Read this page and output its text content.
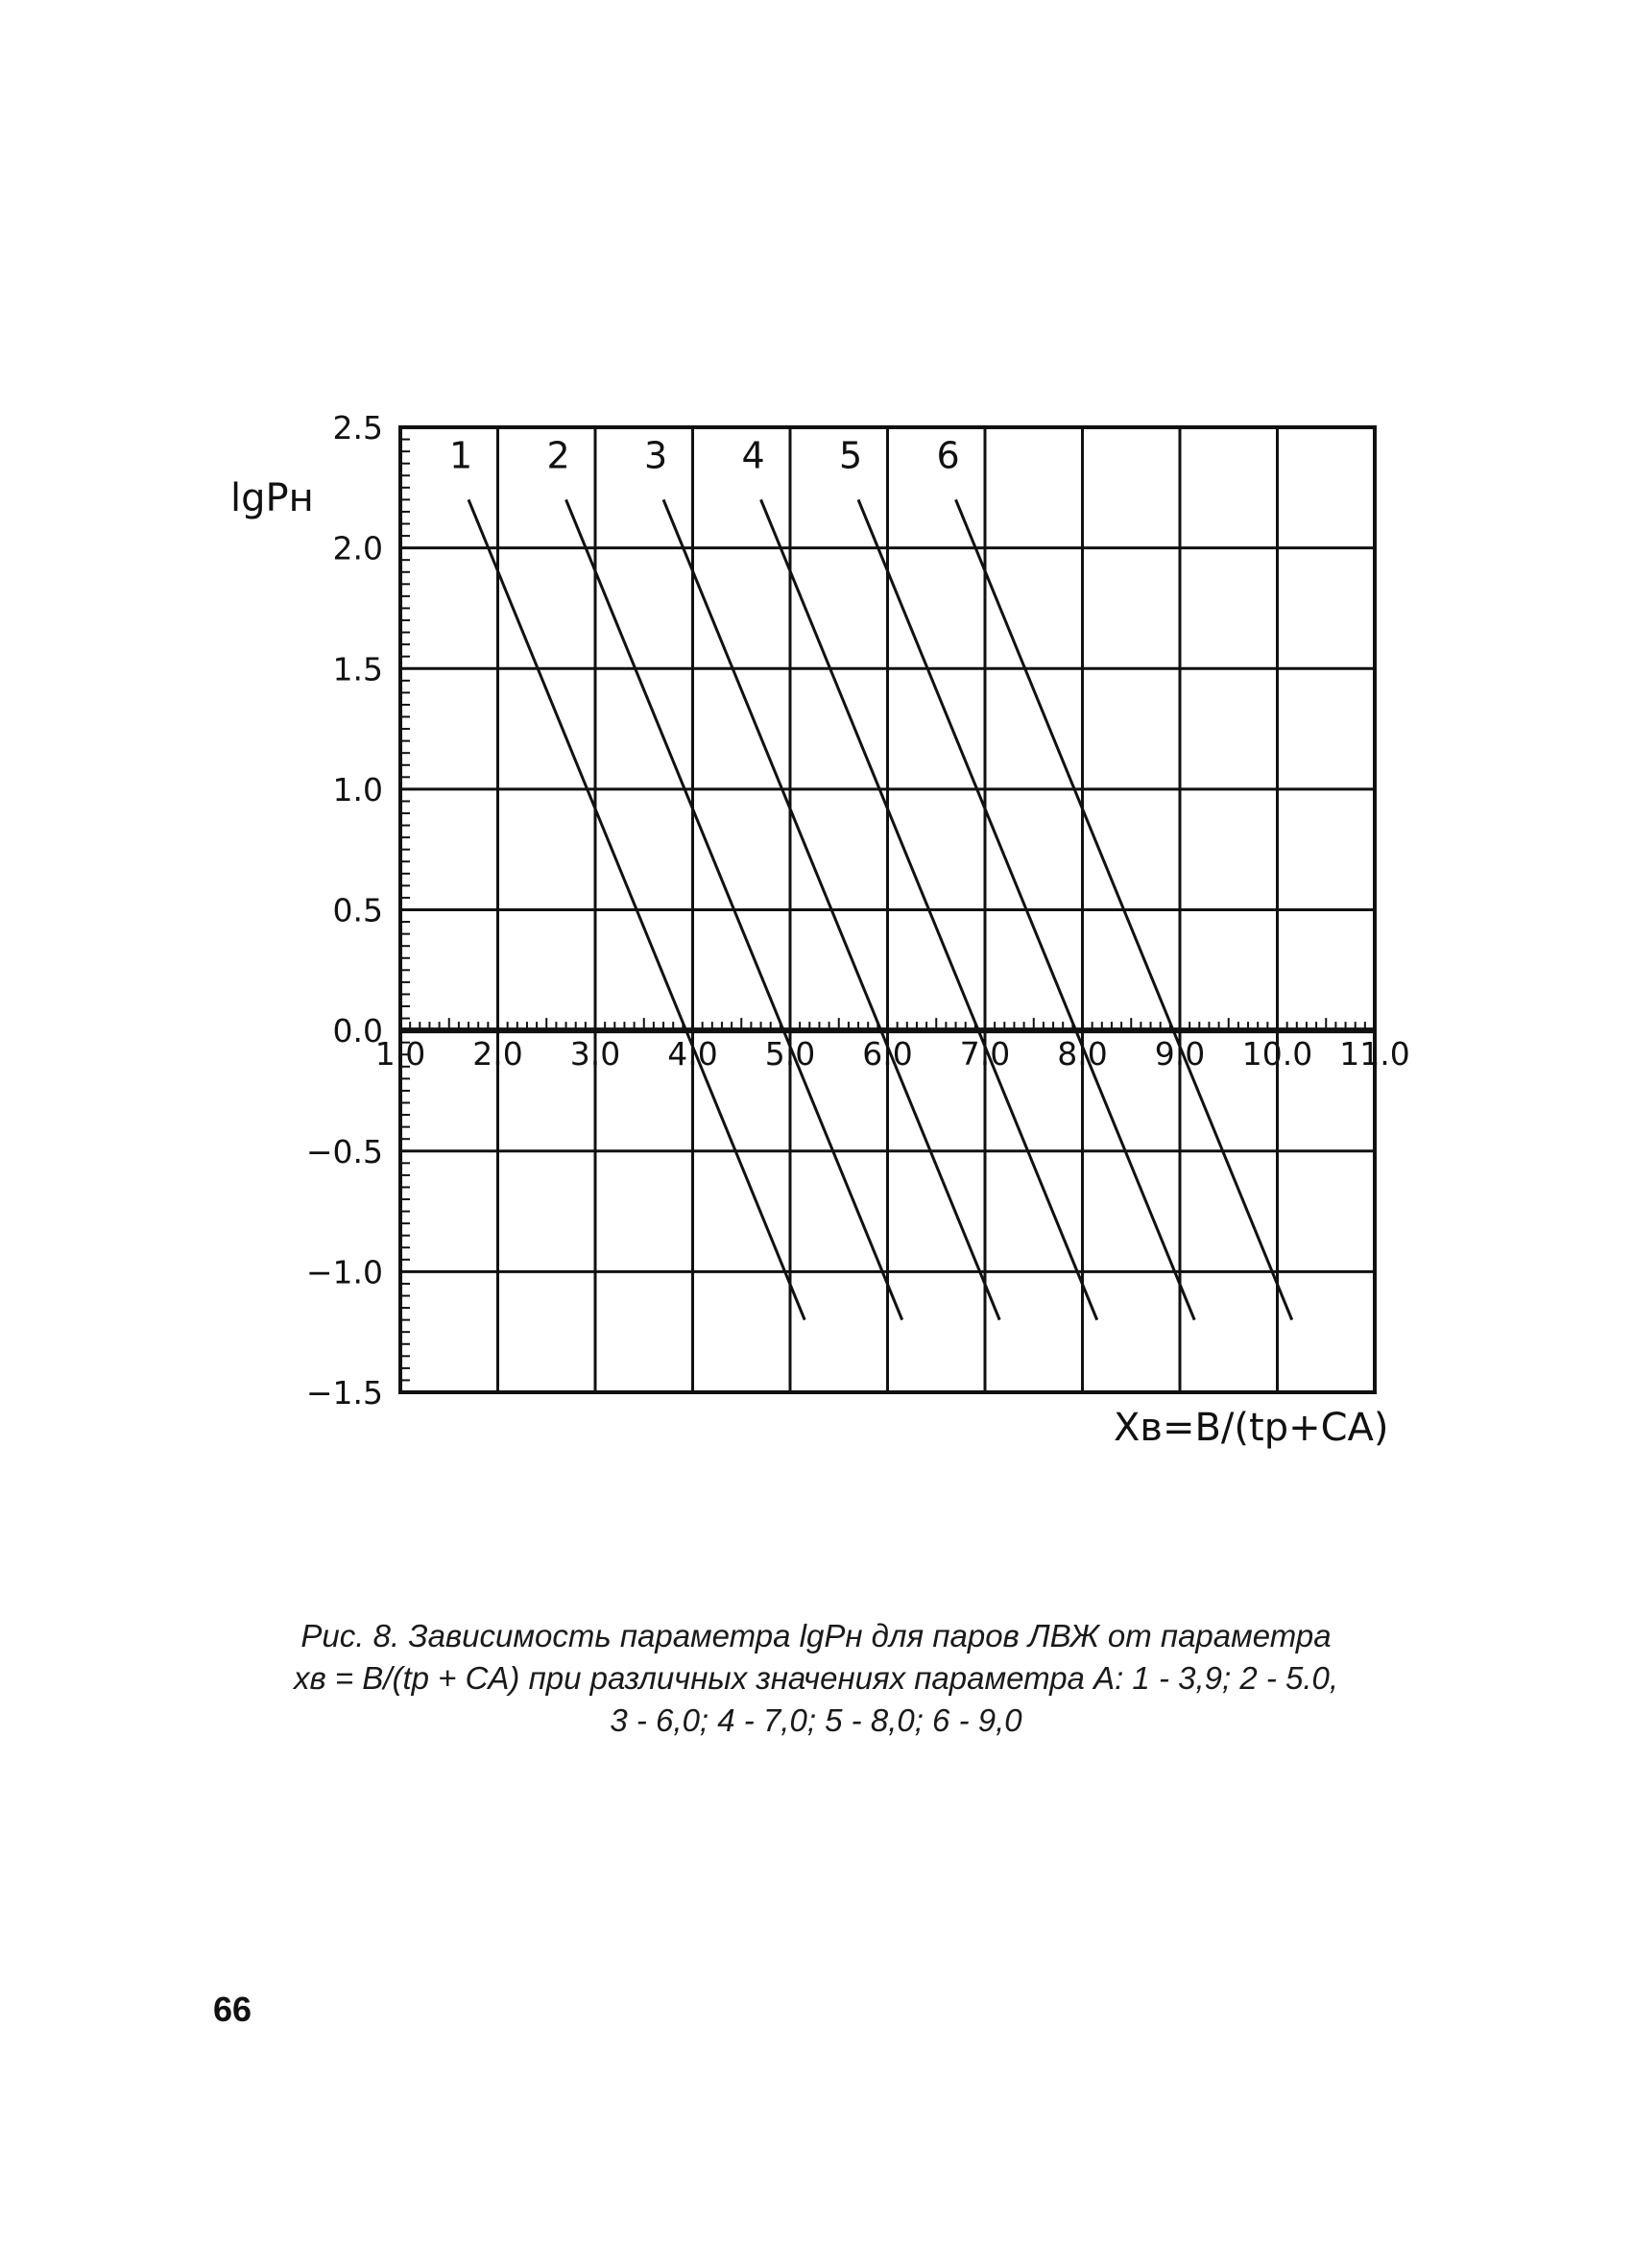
1.0 2.0 3.0 4.0 5.0 6.0 7.0 8.0 9.0 10.0 11.0
2.5
2.0
1.5
1.0
0.5
0.0
−0.5
−1.0
−1.5
1 2 3 4 5 6
lgPн
Xв=B/(tp+CA)
Рис. 8. Зависимость параметра lgPн для паров ЛВЖ от параметра
xв = B/(tр + CA) при различных значениях параметра А: 1 - 3,9; 2 - 5.0,
3 - 6,0; 4 - 7,0; 5 - 8,0; 6 - 9,0
66
